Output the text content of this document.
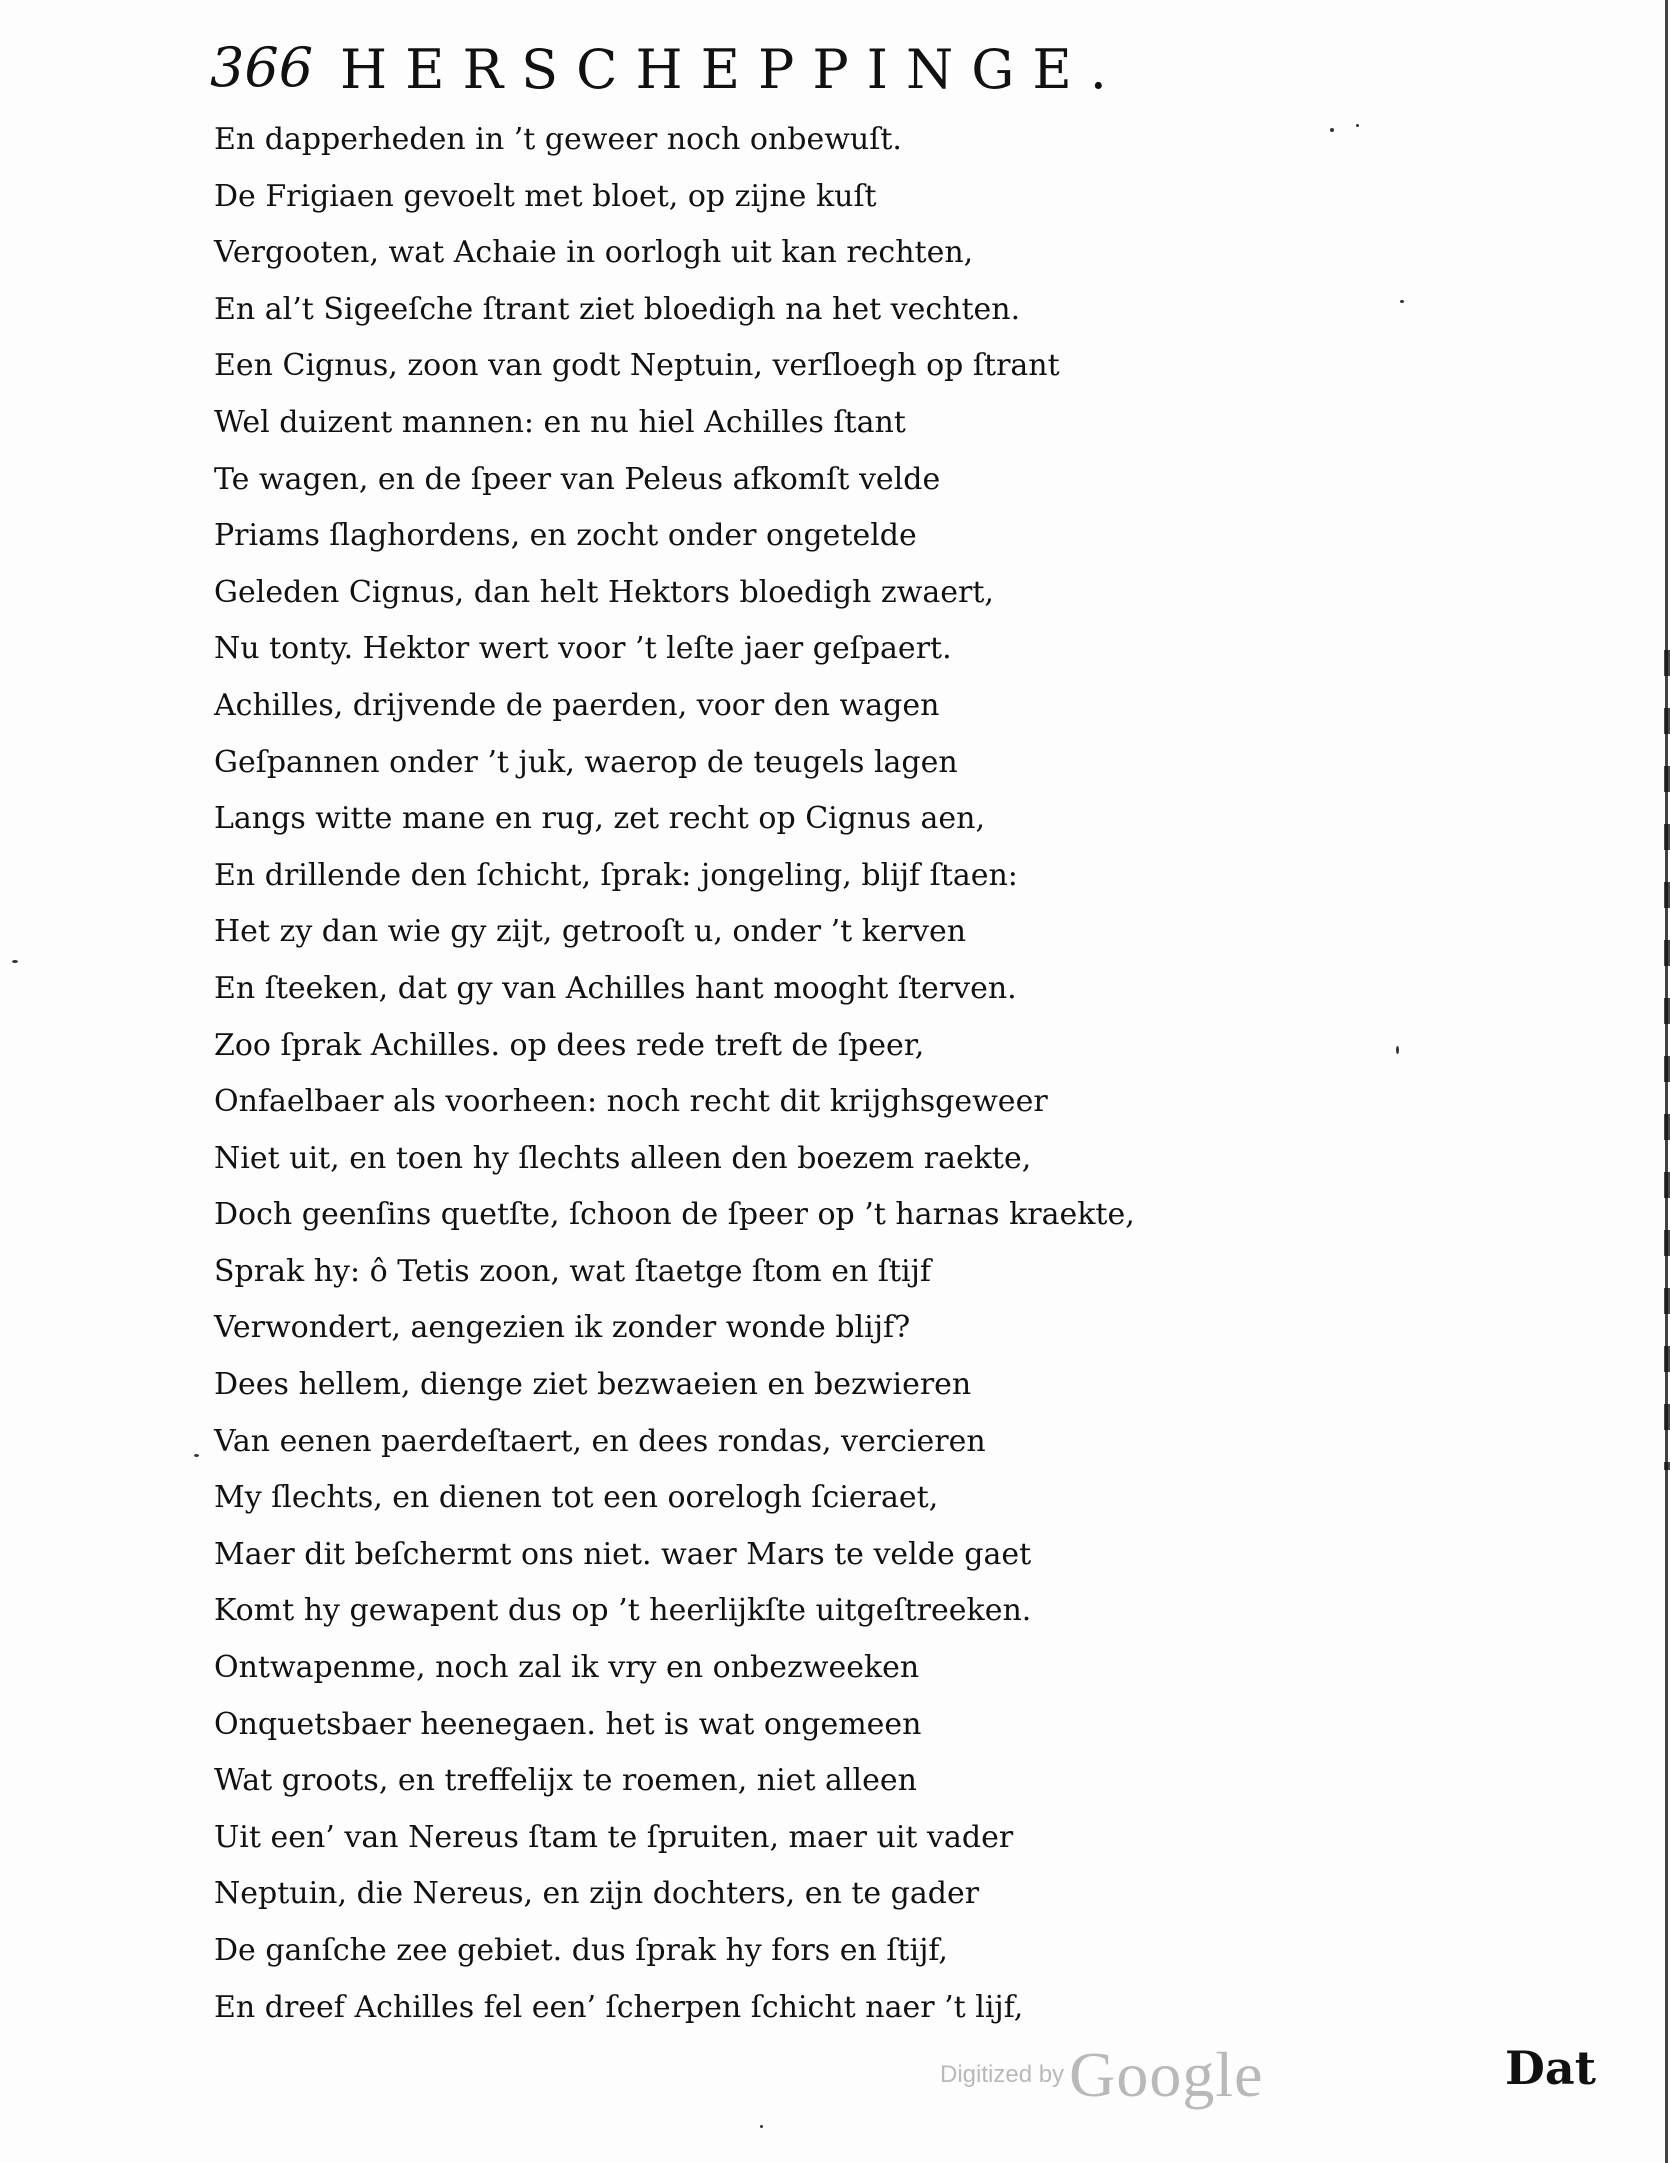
366 HERSCHEPPINGE.
En dapperheden in ’t geweer noch onbewuſt.
De Frigiaen gevoelt met bloet, op zijne kuſt
Vergooten, wat Achaie in oorlogh uit kan rechten,
En al’t Sigeeſche ſtrant ziet bloedigh na het vechten.
Een Cignus, zoon van godt Neptuin, verſloegh op ſtrant
Wel duizent mannen: en nu hiel Achilles ſtant
Te wagen, en de ſpeer van Peleus afkomſt velde
Priams ſlaghordens, en zocht onder ongetelde
Geleden Cignus, dan helt Hektors bloedigh zwaert,
Nu tonty. Hektor wert voor ’t leſte jaer geſpaert.
Achilles, drijvende de paerden, voor den wagen
Geſpannen onder ’t juk, waerop de teugels lagen
Langs witte mane en rug, zet recht op Cignus aen,
En drillende den ſchicht, ſprak: jongeling, blijf ſtaen:
Het zy dan wie gy zijt, getrooſt u, onder ’t kerven
En ſteeken, dat gy van Achilles hant mooght ſterven.
Zoo ſprak Achilles. op dees rede treft de ſpeer,
Onfaelbaer als voorheen: noch recht dit krijghsgeweer
Niet uit, en toen hy ſlechts alleen den boezem raekte,
Doch geenſins quetſte, ſchoon de ſpeer op ’t harnas kraekte,
Sprak hy: ô Tetis zoon, wat ſtaetge ſtom en ſtijf
Verwondert, aengezien ik zonder wonde blijf?
Dees hellem, dienge ziet bezwaeien en bezwieren
Van eenen paerdeſtaert, en dees rondas, vercieren
My ſlechts, en dienen tot een oorelogh ſcieraet,
Maer dit beſchermt ons niet. waer Mars te velde gaet
Komt hy gewapent dus op ’t heerlijkſte uitgeſtreeken.
Ontwapenme, noch zal ik vry en onbezweeken
Onquetsbaer heenegaen. het is wat ongemeen
Wat groots, en treffelijx te roemen, niet alleen
Uit een’ van Nereus ſtam te ſpruiten, maer uit vader
Neptuin, die Nereus, en zijn dochters, en te gader
De ganſche zee gebiet. dus ſprak hy fors en ſtijf,
En dreef Achilles fel een’ ſcherpen ſchicht naer ’t lijf,
Digitized by Google	Dat
